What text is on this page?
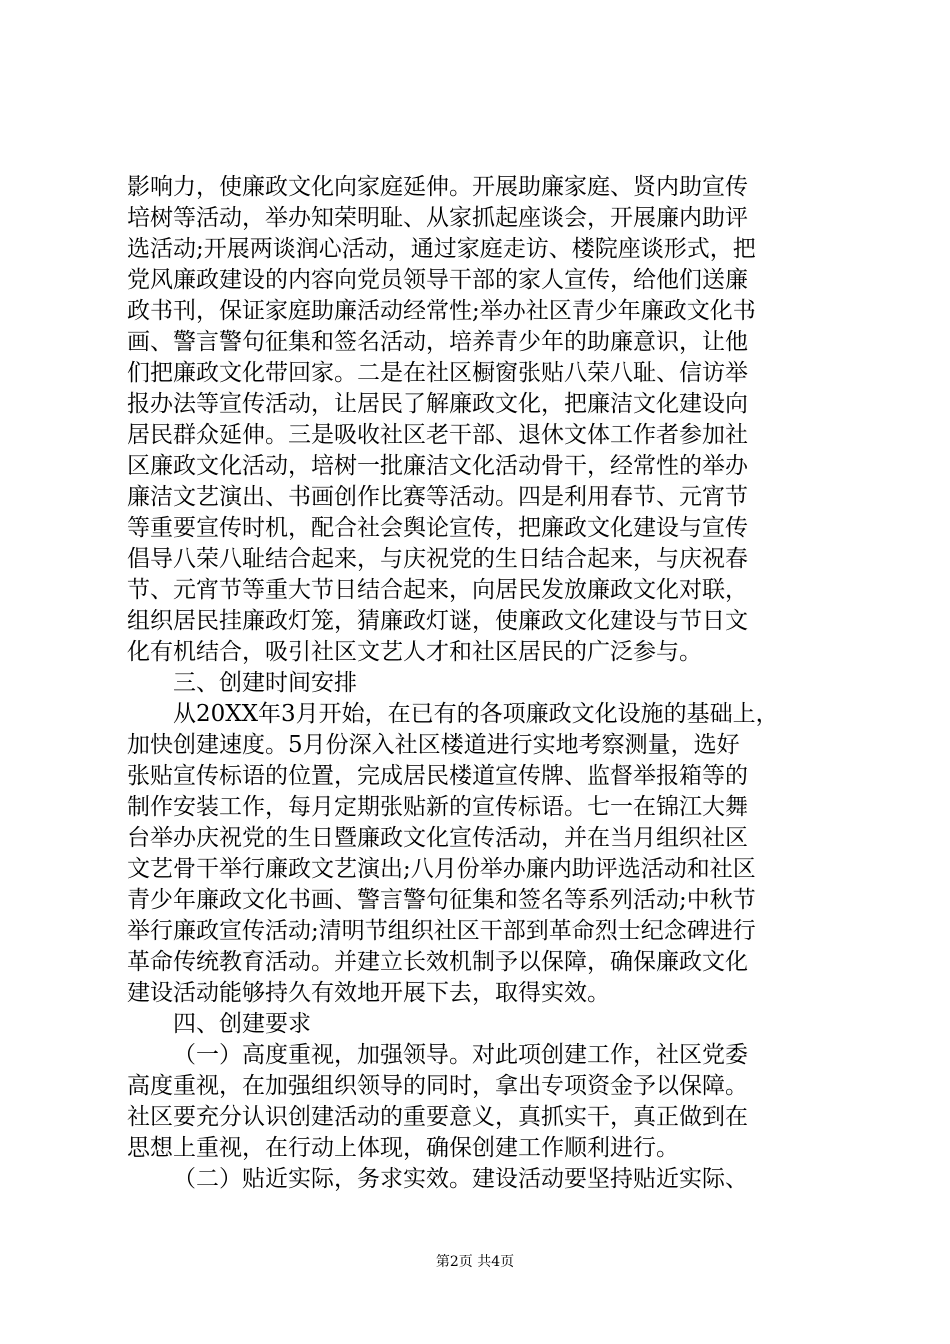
影响力，使廉政文化向家庭延伸。开展助廉家庭、贤内助宣传
培树等活动，举办知荣明耻、从家抓起座谈会，开展廉内助评
选活动;开展两谈润心活动，通过家庭走访、楼院座谈形式，把
党风廉政建设的内容向党员领导干部的家人宣传，给他们送廉
政书刊，保证家庭助廉活动经常性;举办社区青少年廉政文化书
画、警言警句征集和签名活动，培养青少年的助廉意识，让他
们把廉政文化带回家。二是在社区橱窗张贴八荣八耻、信访举
报办法等宣传活动，让居民了解廉政文化，把廉洁文化建设向
居民群众延伸。三是吸收社区老干部、退休文体工作者参加社
区廉政文化活动，培树一批廉洁文化活动骨干，经常性的举办
廉洁文艺演出、书画创作比赛等活动。四是利用春节、元宵节
等重要宣传时机，配合社会舆论宣传，把廉政文化建设与宣传
倡导八荣八耻结合起来，与庆祝党的生日结合起来，与庆祝春
节、元宵节等重大节日结合起来，向居民发放廉政文化对联，
组织居民挂廉政灯笼，猜廉政灯谜，使廉政文化建设与节日文
化有机结合，吸引社区文艺人才和社区居民的广泛参与。
三、创建时间安排
从20XX年3月开始，在已有的各项廉政文化设施的基础上，
加快创建速度。5月份深入社区楼道进行实地考察测量，选好
张贴宣传标语的位置，完成居民楼道宣传牌、监督举报箱等的
制作安装工作，每月定期张贴新的宣传标语。七一在锦江大舞
台举办庆祝党的生日暨廉政文化宣传活动，并在当月组织社区
文艺骨干举行廉政文艺演出;八月份举办廉内助评选活动和社区
青少年廉政文化书画、警言警句征集和签名等系列活动;中秋节
举行廉政宣传活动;清明节组织社区干部到革命烈士纪念碑进行
革命传统教育活动。并建立长效机制予以保障，确保廉政文化
建设活动能够持久有效地开展下去，取得实效。
四、创建要求
（一）高度重视，加强领导。对此项创建工作，社区党委
高度重视，在加强组织领导的同时，拿出专项资金予以保障。
社区要充分认识创建活动的重要意义，真抓实干，真正做到在
思想上重视，在行动上体现，确保创建工作顺利进行。
（二）贴近实际，务求实效。建设活动要坚持贴近实际、
第2页 共4页
